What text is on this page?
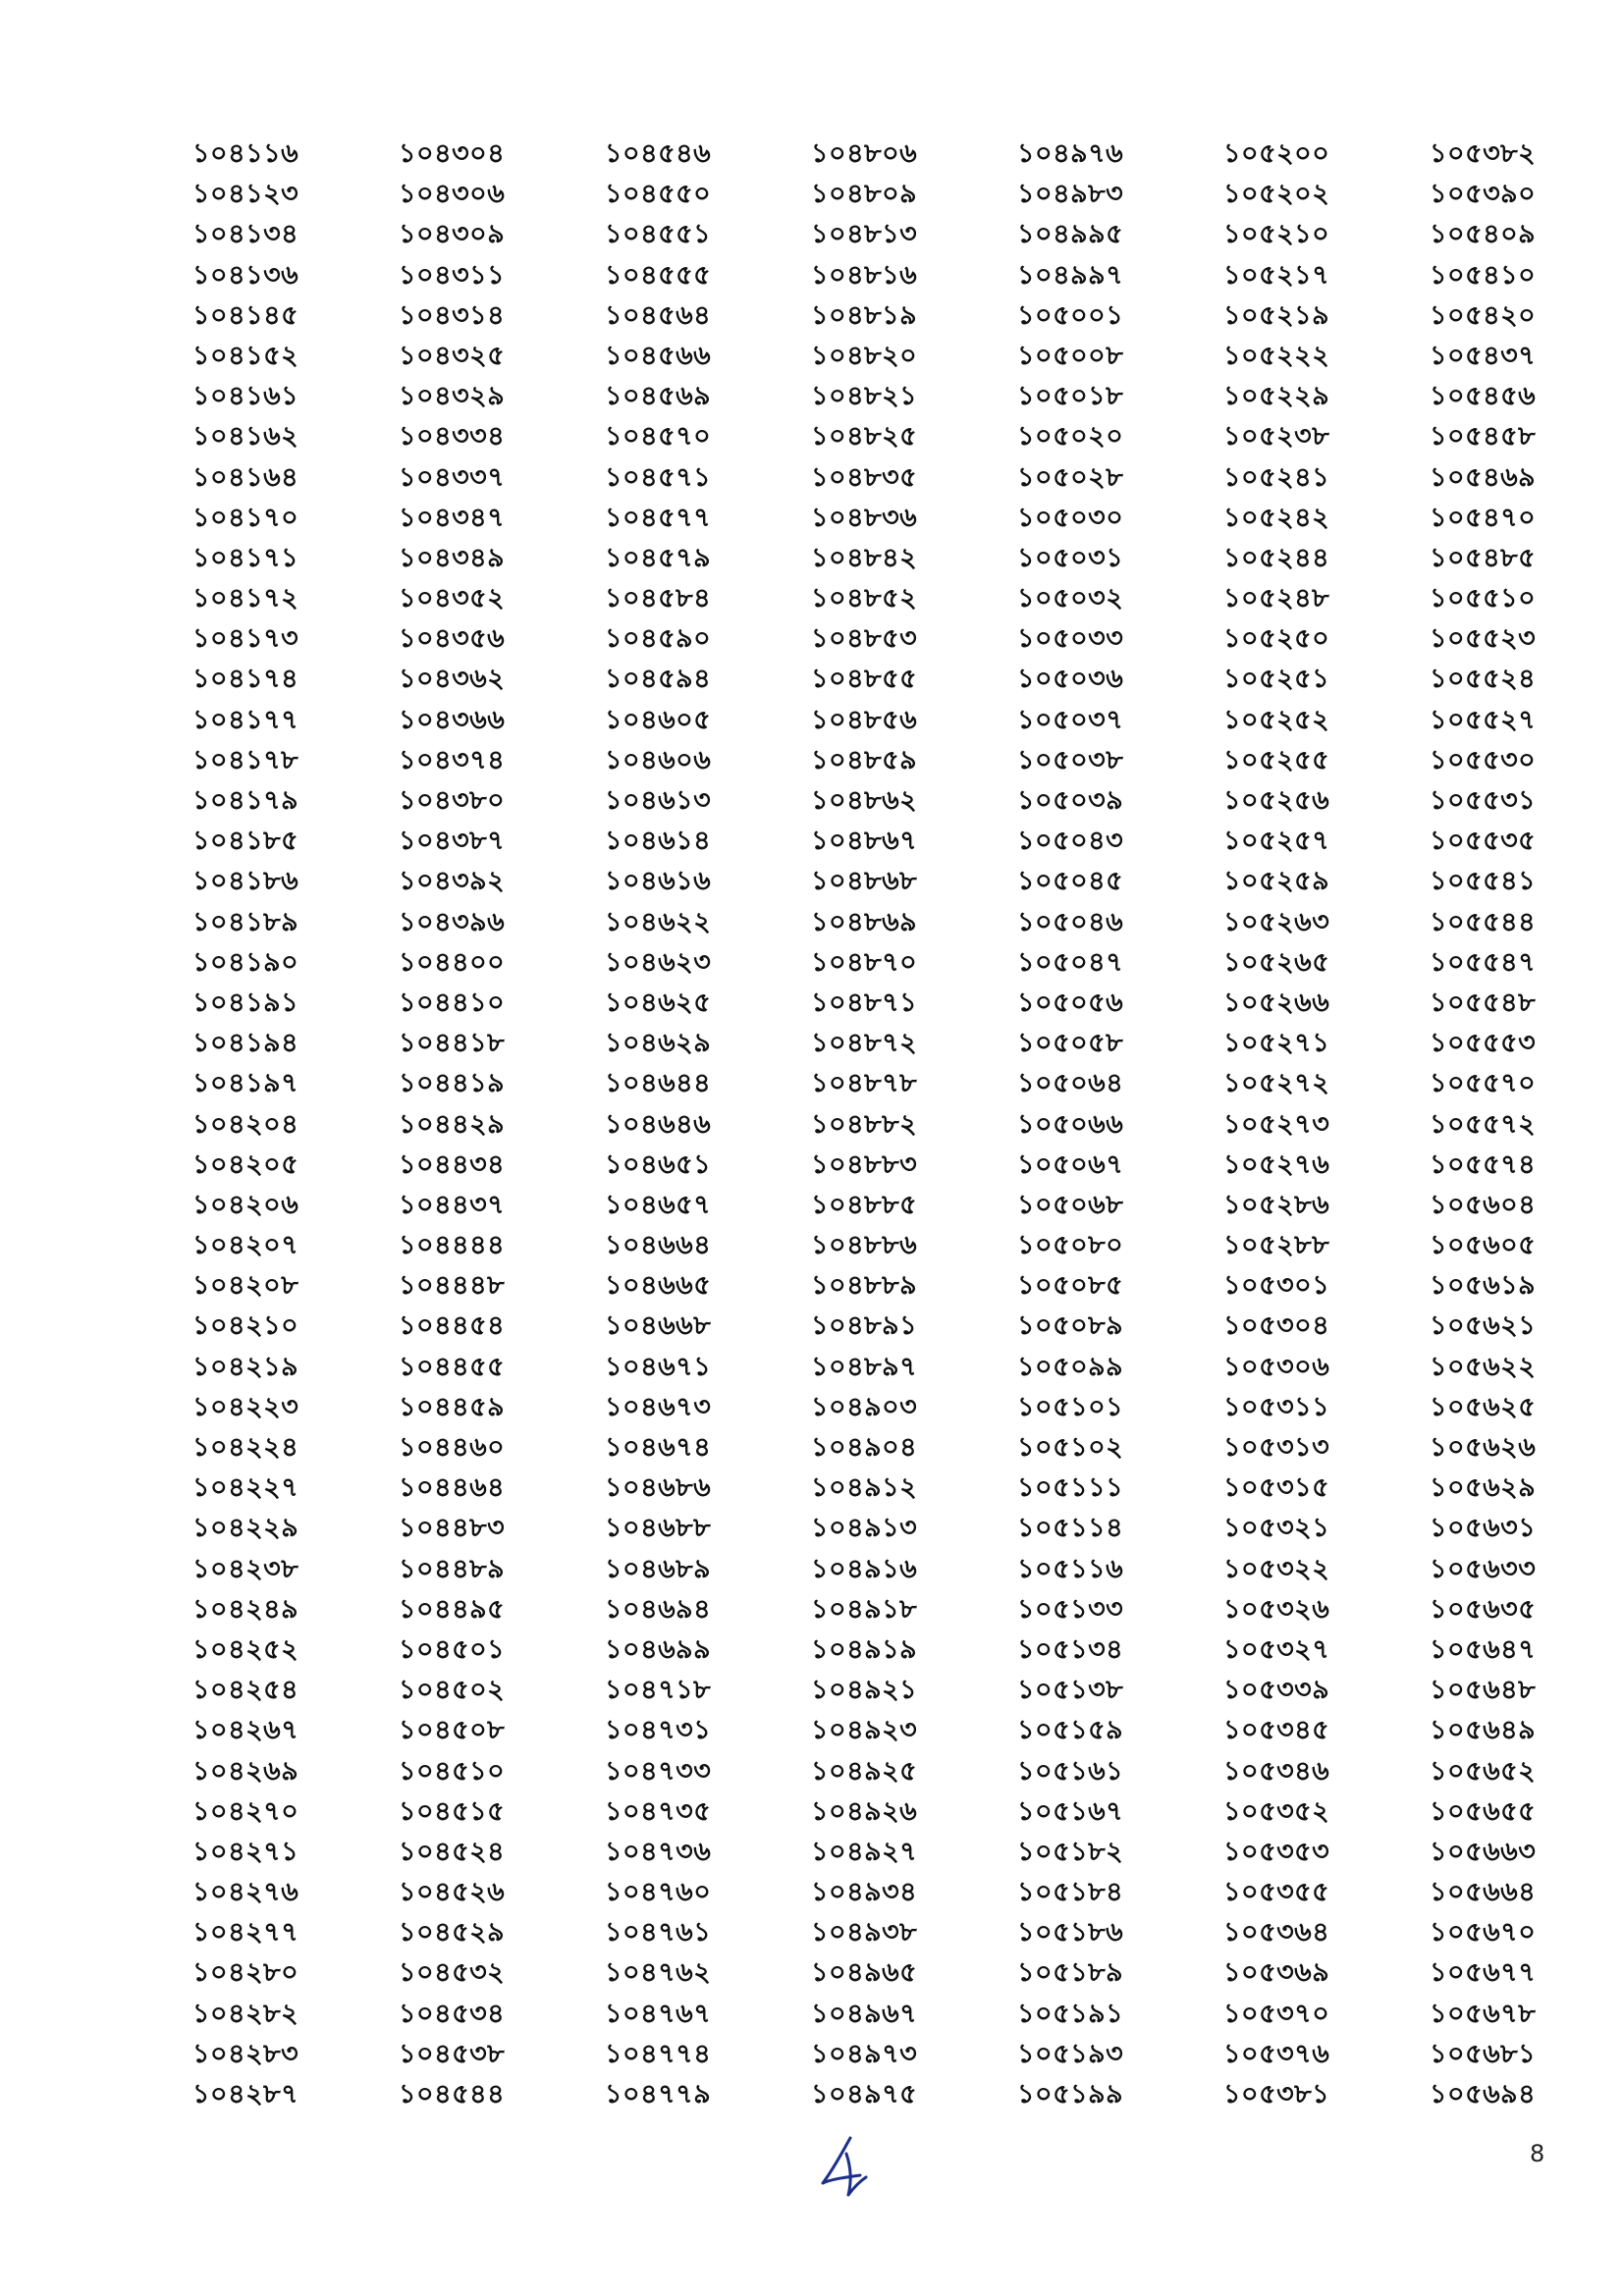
১০৪১১৬	১০৪৩০৪	১০৪৫৪৬	১০৪৮০৬	১০৪৯৭৬	১০৫২০০	১০৫৩৮২
১০৪১২৩	১০৪৩০৬	১০৪৫৫০	১০৪৮০৯	১০৪৯৮৩	১০৫২০২	১০৫৩৯০
১০৪১৩৪	১০৪৩০৯	১০৪৫৫১	১০৪৮১৩	১০৪৯৯৫	১০৫২১০	১০৫৪০৯
১০৪১৩৬	১০৪৩১১	১০৪৫৫৫	১০৪৮১৬	১০৪৯৯৭	১০৫২১৭	১০৫৪১০
১০৪১৪৫	১০৪৩১৪	১০৪৫৬৪	১০৪৮১৯	১০৫০০১	১০৫২১৯	১০৫৪২০
১০৪১৫২	১০৪৩২৫	১০৪৫৬৬	১০৪৮২০	১০৫০০৮	১০৫২২২	১০৫৪৩৭
১০৪১৬১	১০৪৩২৯	১০৪৫৬৯	১০৪৮২১	১০৫০১৮	১০৫২২৯	১০৫৪৫৬
১০৪১৬২	১০৪৩৩৪	১০৪৫৭০	১০৪৮২৫	১০৫০২০	১০৫২৩৮	১০৫৪৫৮
১০৪১৬৪	১০৪৩৩৭	১০৪৫৭১	১০৪৮৩৫	১০৫০২৮	১০৫২৪১	১০৫৪৬৯
১০৪১৭০	১০৪৩৪৭	১০৪৫৭৭	১০৪৮৩৬	১০৫০৩০	১০৫২৪২	১০৫৪৭০
১০৪১৭১	১০৪৩৪৯	১০৪৫৭৯	১০৪৮৪২	১০৫০৩১	১০৫২৪৪	১০৫৪৮৫
১০৪১৭২	১০৪৩৫২	১০৪৫৮৪	১০৪৮৫২	১০৫০৩২	১০৫২৪৮	১০৫৫১০
১০৪১৭৩	১০৪৩৫৬	১০৪৫৯০	১০৪৮৫৩	১০৫০৩৩	১০৫২৫০	১০৫৫২৩
১০৪১৭৪	১০৪৩৬২	১০৪৫৯৪	১০৪৮৫৫	১০৫০৩৬	১০৫২৫১	১০৫৫২৪
১০৪১৭৭	১০৪৩৬৬	১০৪৬০৫	১০৪৮৫৬	১০৫০৩৭	১০৫২৫২	১০৫৫২৭
১০৪১৭৮	১০৪৩৭৪	১০৪৬০৬	১০৪৮৫৯	১০৫০৩৮	১০৫২৫৫	১০৫৫৩০
১০৪১৭৯	১০৪৩৮০	১০৪৬১৩	১০৪৮৬২	১০৫০৩৯	১০৫২৫৬	১০৫৫৩১
১০৪১৮৫	১০৪৩৮৭	১০৪৬১৪	১০৪৮৬৭	১০৫০৪৩	১০৫২৫৭	১০৫৫৩৫
১০৪১৮৬	১০৪৩৯২	১০৪৬১৬	১০৪৮৬৮	১০৫০৪৫	১০৫২৫৯	১০৫৫৪১
১০৪১৮৯	১০৪৩৯৬	১০৪৬২২	১০৪৮৬৯	১০৫০৪৬	১০৫২৬৩	১০৫৫৪৪
১০৪১৯০	১০৪৪০০	১০৪৬২৩	১০৪৮৭০	১০৫০৪৭	১০৫২৬৫	১০৫৫৪৭
১০৪১৯১	১০৪৪১০	১০৪৬২৫	১০৪৮৭১	১০৫০৫৬	১০৫২৬৬	১০৫৫৪৮
১০৪১৯৪	১০৪৪১৮	১০৪৬২৯	১০৪৮৭২	১০৫০৫৮	১০৫২৭১	১০৫৫৫৩
১০৪১৯৭	১০৪৪১৯	১০৪৬৪৪	১০৪৮৭৮	১০৫০৬৪	১০৫২৭২	১০৫৫৭০
১০৪২০৪	১০৪৪২৯	১০৪৬৪৬	১০৪৮৮২	১০৫০৬৬	১০৫২৭৩	১০৫৫৭২
১০৪২০৫	১০৪৪৩৪	১০৪৬৫১	১০৪৮৮৩	১০৫০৬৭	১০৫২৭৬	১০৫৫৭৪
১০৪২০৬	১০৪৪৩৭	১০৪৬৫৭	১০৪৮৮৫	১০৫০৬৮	১০৫২৮৬	১০৫৬০৪
১০৪২০৭	১০৪৪৪৪	১০৪৬৬৪	১০৪৮৮৬	১০৫০৮০	১০৫২৮৮	১০৫৬০৫
১০৪২০৮	১০৪৪৪৮	১০৪৬৬৫	১০৪৮৮৯	১০৫০৮৫	১০৫৩০১	১০৫৬১৯
১০৪২১০	১০৪৪৫৪	১০৪৬৬৮	১০৪৮৯১	১০৫০৮৯	১০৫৩০৪	১০৫৬২১
১০৪২১৯	১০৪৪৫৫	১০৪৬৭১	১০৪৮৯৭	১০৫০৯৯	১০৫৩০৬	১০৫৬২২
১০৪২২৩	১০৪৪৫৯	১০৪৬৭৩	১০৪৯০৩	১০৫১০১	১০৫৩১১	১০৫৬২৫
১০৪২২৪	১০৪৪৬০	১০৪৬৭৪	১০৪৯০৪	১০৫১০২	১০৫৩১৩	১০৫৬২৬
১০৪২২৭	১০৪৪৬৪	১০৪৬৮৬	১০৪৯১২	১০৫১১১	১০৫৩১৫	১০৫৬২৯
১০৪২২৯	১০৪৪৮৩	১০৪৬৮৮	১০৪৯১৩	১০৫১১৪	১০৫৩২১	১০৫৬৩১
১০৪২৩৮	১০৪৪৮৯	১০৪৬৮৯	১০৪৯১৬	১০৫১১৬	১০৫৩২২	১০৫৬৩৩
১০৪২৪৯	১০৪৪৯৫	১০৪৬৯৪	১০৪৯১৮	১০৫১৩৩	১০৫৩২৬	১০৫৬৩৫
১০৪২৫২	১০৪৫০১	১০৪৬৯৯	১০৪৯১৯	১০৫১৩৪	১০৫৩২৭	১০৫৬৪৭
১০৪২৫৪	১০৪৫০২	১০৪৭১৮	১০৪৯২১	১০৫১৩৮	১০৫৩৩৯	১০৫৬৪৮
১০৪২৬৭	১০৪৫০৮	১০৪৭৩১	১০৪৯২৩	১০৫১৫৯	১০৫৩৪৫	১০৫৬৪৯
১০৪২৬৯	১০৪৫১০	১০৪৭৩৩	১০৪৯২৫	১০৫১৬১	১০৫৩৪৬	১০৫৬৫২
১০৪২৭০	১০৪৫১৫	১০৪৭৩৫	১০৪৯২৬	১০৫১৬৭	১০৫৩৫২	১০৫৬৫৫
১০৪২৭১	১০৪৫২৪	১০৪৭৩৬	১০৪৯২৭	১০৫১৮২	১০৫৩৫৩	১০৫৬৬৩
১০৪২৭৬	১০৪৫২৬	১০৪৭৬০	১০৪৯৩৪	১০৫১৮৪	১০৫৩৫৫	১০৫৬৬৪
১০৪২৭৭	১০৪৫২৯	১০৪৭৬১	১০৪৯৩৮	১০৫১৮৬	১০৫৩৬৪	১০৫৬৭০
১০৪২৮০	১০৪৫৩২	১০৪৭৬২	১০৪৯৬৫	১০৫১৮৯	১০৫৩৬৯	১০৫৬৭৭
১০৪২৮২	১০৪৫৩৪	১০৪৭৬৭	১০৪৯৬৭	১০৫১৯১	১০৫৩৭০	১০৫৬৭৮
১০৪২৮৩	১০৪৫৩৮	১০৪৭৭৪	১০৪৯৭৩	১০৫১৯৩	১০৫৩৭৬	১০৫৬৮১
১০৪২৮৭	১০৪৫৪৪	১০৪৭৭৯	১০৪৯৭৫	১০৫১৯৯	১০৫৩৮১	১০৫৬৯৪
8
